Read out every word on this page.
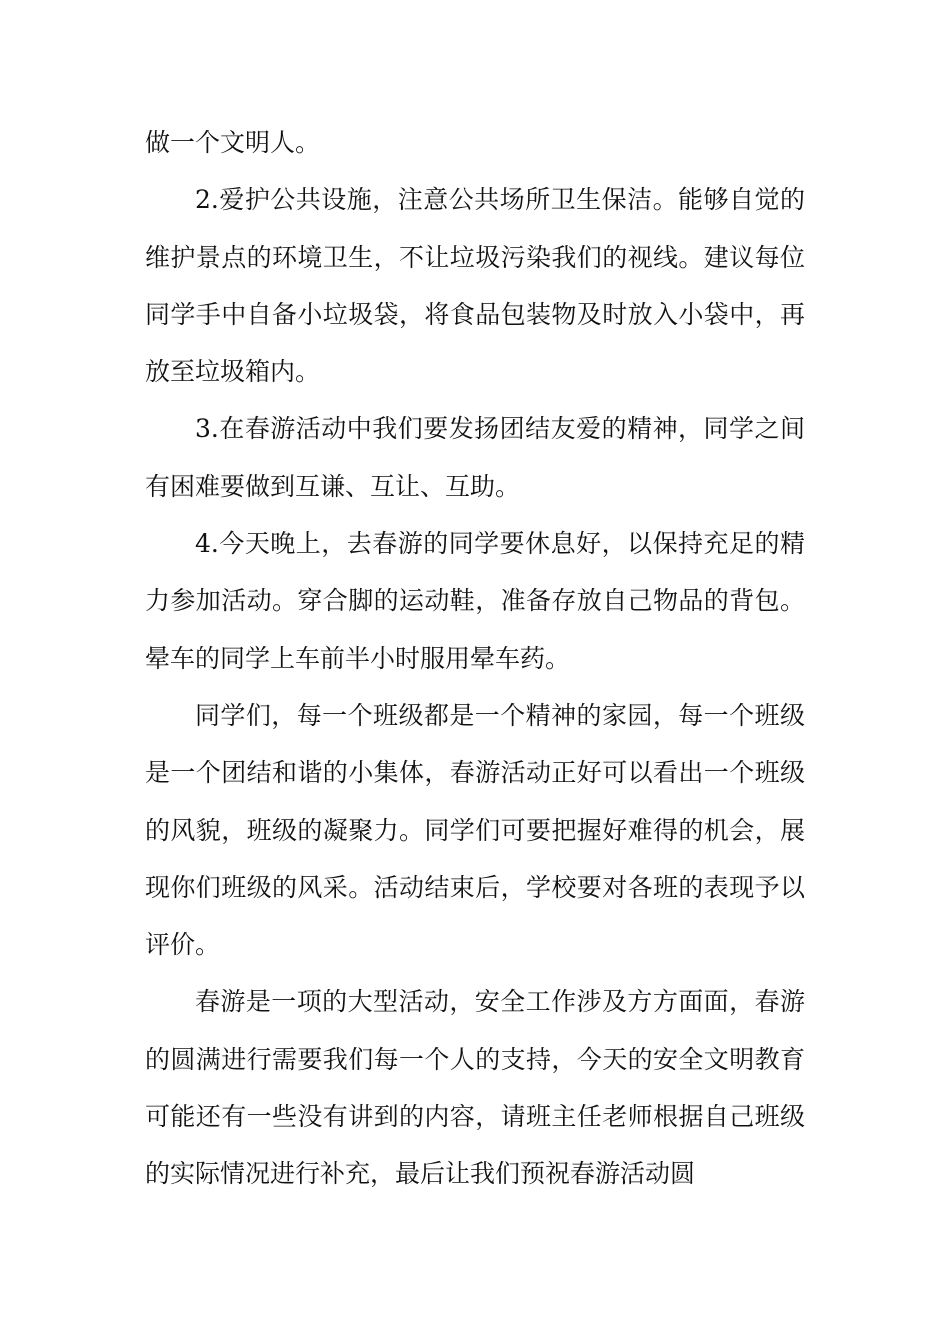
做一个文明人。

2.爱护公共设施，注意公共场所卫生保洁。能够自觉的维护景点的环境卫生，不让垃圾污染我们的视线。建议每位同学手中自备小垃圾袋，将食品包装物及时放入小袋中，再放至垃圾箱内。

3.在春游活动中我们要发扬团结友爱的精神，同学之间有困难要做到互谦、互让、互助。

4.今天晚上，去春游的同学要休息好，以保持充足的精力参加活动。穿合脚的运动鞋，准备存放自己物品的背包。晕车的同学上车前半小时服用晕车药。

同学们，每一个班级都是一个精神的家园，每一个班级是一个团结和谐的小集体，春游活动正好可以看出一个班级的风貌，班级的凝聚力。同学们可要把握好难得的机会，展现你们班级的风采。活动结束后，学校要对各班的表现予以评价。

春游是一项的大型活动，安全工作涉及方方面面，春游的圆满进行需要我们每一个人的支持，今天的安全文明教育可能还有一些没有讲到的内容，请班主任老师根据自己班级的实际情况进行补充，最后让我们预祝春游活动圆
